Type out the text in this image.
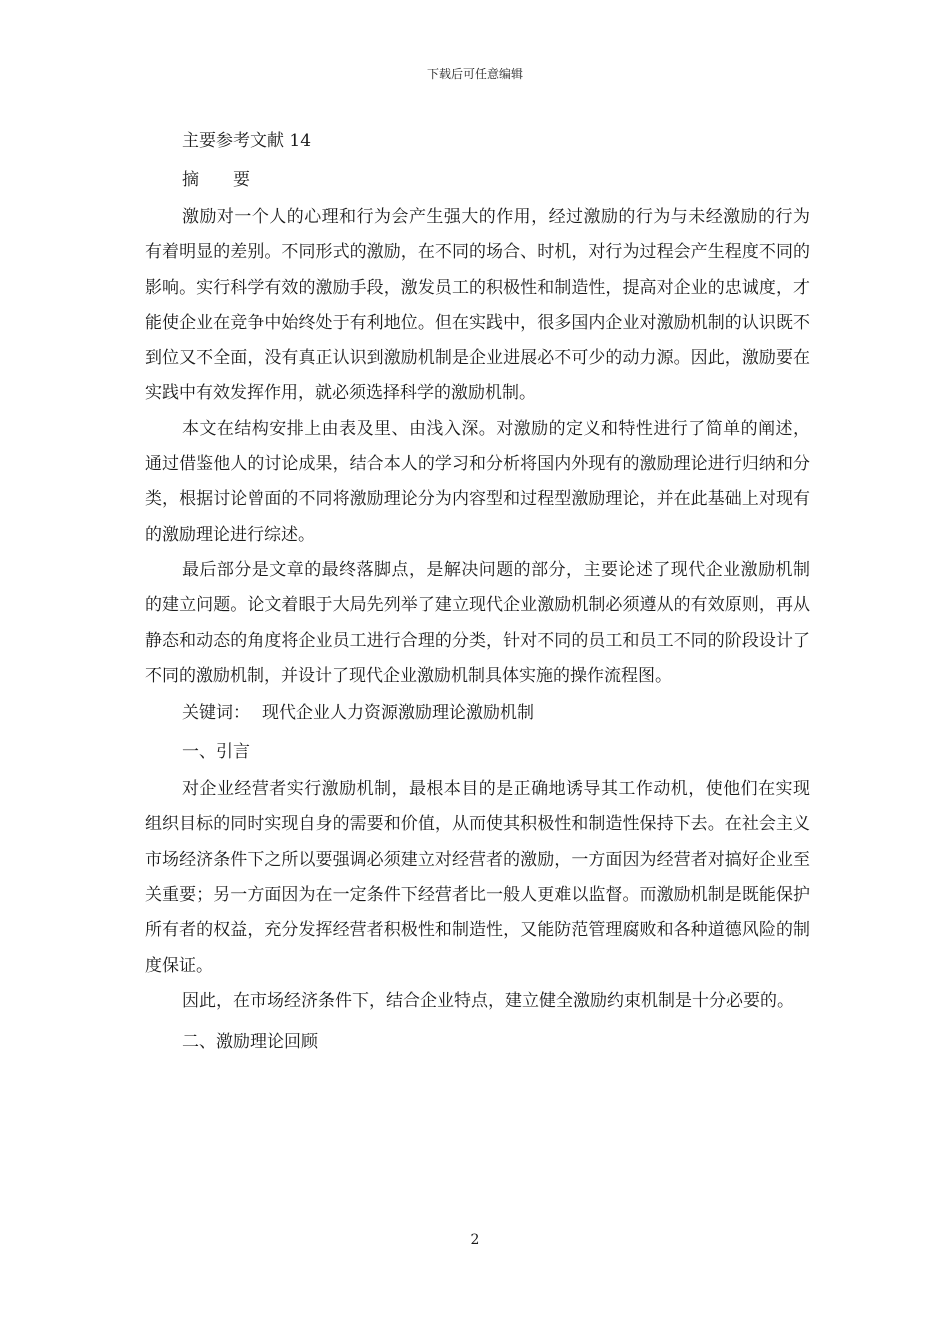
下载后可任意编辑
主要参考文献 14
摘　　要

激励对一个人的心理和行为会产生强大的作用，经过激励的行为与未经激励的行为有着明显的差别。不同形式的激励，在不同的场合、时机，对行为过程会产生程度不同的影响。实行科学有效的激励手段，激发员工的积极性和制造性，提高对企业的忠诚度，才能使企业在竞争中始终处于有利地位。但在实践中，很多国内企业对激励机制的认识既不到位又不全面，没有真正认识到激励机制是企业进展必不可少的动力源。因此，激励要在实践中有效发挥作用，就必须选择科学的激励机制。

本文在结构安排上由表及里、由浅入深。对激励的定义和特性进行了简单的阐述，通过借鉴他人的讨论成果，结合本人的学习和分析将国内外现有的激励理论进行归纳和分类，根据讨论曾面的不同将激励理论分为内容型和过程型激励理论，并在此基础上对现有的激励理论进行综述。

最后部分是文章的最终落脚点，是解决问题的部分，主要论述了现代企业激励机制的建立问题。论文着眼于大局先列举了建立现代企业激励机制必须遵从的有效原则，再从静态和动态的角度将企业员工进行合理的分类，针对不同的员工和员工不同的阶段设计了不同的激励机制，并设计了现代企业激励机制具体实施的操作流程图。

关键词： 现代企业人力资源激励理论激励机制
一、引言

对企业经营者实行激励机制，最根本目的是正确地诱导其工作动机，使他们在实现组织目标的同时实现自身的需要和价值，从而使其积极性和制造性保持下去。在社会主义市场经济条件下之所以要强调必须建立对经营者的激励，一方面因为经营者对搞好企业至关重要；另一方面因为在一定条件下经营者比一般人更难以监督。而激励机制是既能保护所有者的权益，充分发挥经营者积极性和制造性，又能防范管理腐败和各种道德风险的制度保证。

因此，在市场经济条件下，结合企业特点，建立健全激励约束机制是十分必要的。

二、激励理论回顾
2
